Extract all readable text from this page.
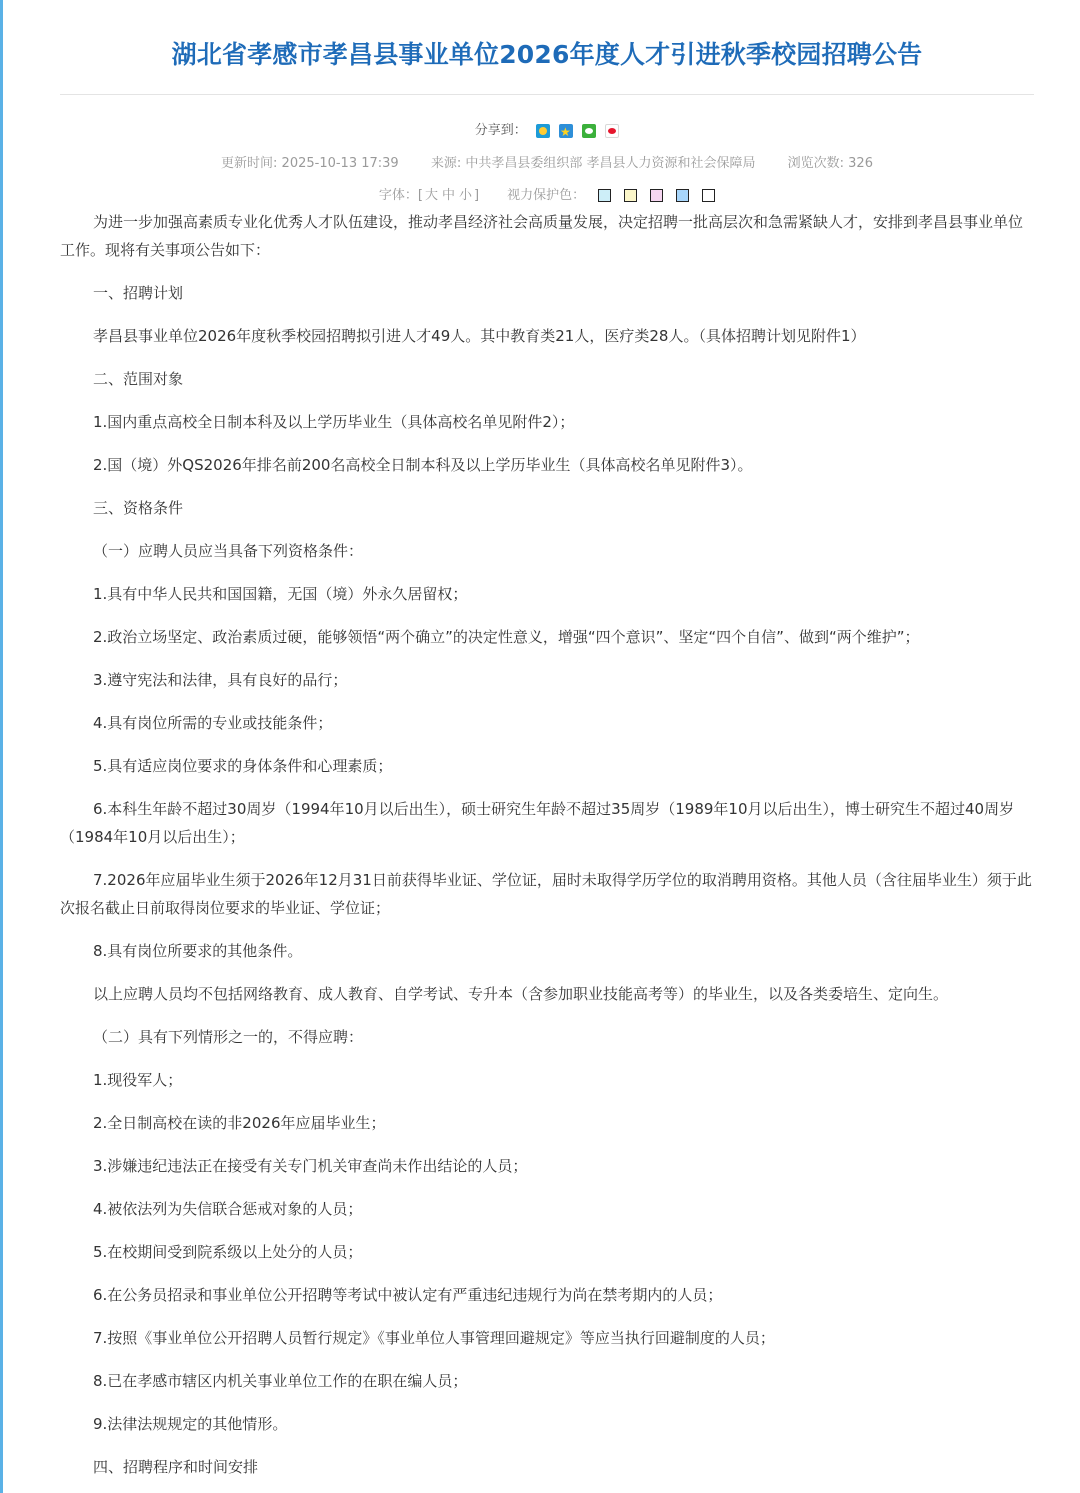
湖北省孝感市孝昌县事业单位2026年度人才引进秋季校园招聘公告
分享到：  ★
更新时间: 2025-10-13 17:39 来源: 中共孝昌县委组织部 孝昌县人力资源和社会保障局 浏览次数: 326
字体：[ 大 中 小 ] 视力保护色：

为进一步加强高素质专业化优秀人才队伍建设，推动孝昌经济社会高质量发展，决定招聘一批高层次和急需紧缺人才，安排到孝昌县事业单位工作。现将有关事项公告如下：

一、招聘计划

孝昌县事业单位2026年度秋季校园招聘拟引进人才49人。其中教育类21人，医疗类28人。（具体招聘计划见附件1）

二、范围对象

1.国内重点高校全日制本科及以上学历毕业生（具体高校名单见附件2）；

2.国（境）外QS2026年排名前200名高校全日制本科及以上学历毕业生（具体高校名单见附件3）。

三、资格条件

（一）应聘人员应当具备下列资格条件：

1.具有中华人民共和国国籍，无国（境）外永久居留权；

2.政治立场坚定、政治素质过硬，能够领悟“两个确立”的决定性意义，增强“四个意识”、坚定“四个自信”、做到“两个维护”；

3.遵守宪法和法律，具有良好的品行；

4.具有岗位所需的专业或技能条件；

5.具有适应岗位要求的身体条件和心理素质；

6.本科生年龄不超过30周岁（1994年10月以后出生），硕士研究生年龄不超过35周岁（1989年10月以后出生），博士研究生不超过40周岁（1984年10月以后出生）；

7.2026年应届毕业生须于2026年12月31日前获得毕业证、学位证，届时未取得学历学位的取消聘用资格。其他人员（含往届毕业生）须于此次报名截止日前取得岗位要求的毕业证、学位证；

8.具有岗位所要求的其他条件。

以上应聘人员均不包括网络教育、成人教育、自学考试、专升本（含参加职业技能高考等）的毕业生，以及各类委培生、定向生。

（二）具有下列情形之一的，不得应聘：

1.现役军人；

2.全日制高校在读的非2026年应届毕业生；

3.涉嫌违纪违法正在接受有关专门机关审查尚未作出结论的人员；

4.被依法列为失信联合惩戒对象的人员；

5.在校期间受到院系级以上处分的人员；

6.在公务员招录和事业单位公开招聘等考试中被认定有严重违纪违规行为尚在禁考期内的人员；

7.按照《事业单位公开招聘人员暂行规定》《事业单位人事管理回避规定》等应当执行回避制度的人员；

8.已在孝感市辖区内机关事业单位工作的在职在编人员；

9.法律法规规定的其他情形。

四、招聘程序和时间安排
